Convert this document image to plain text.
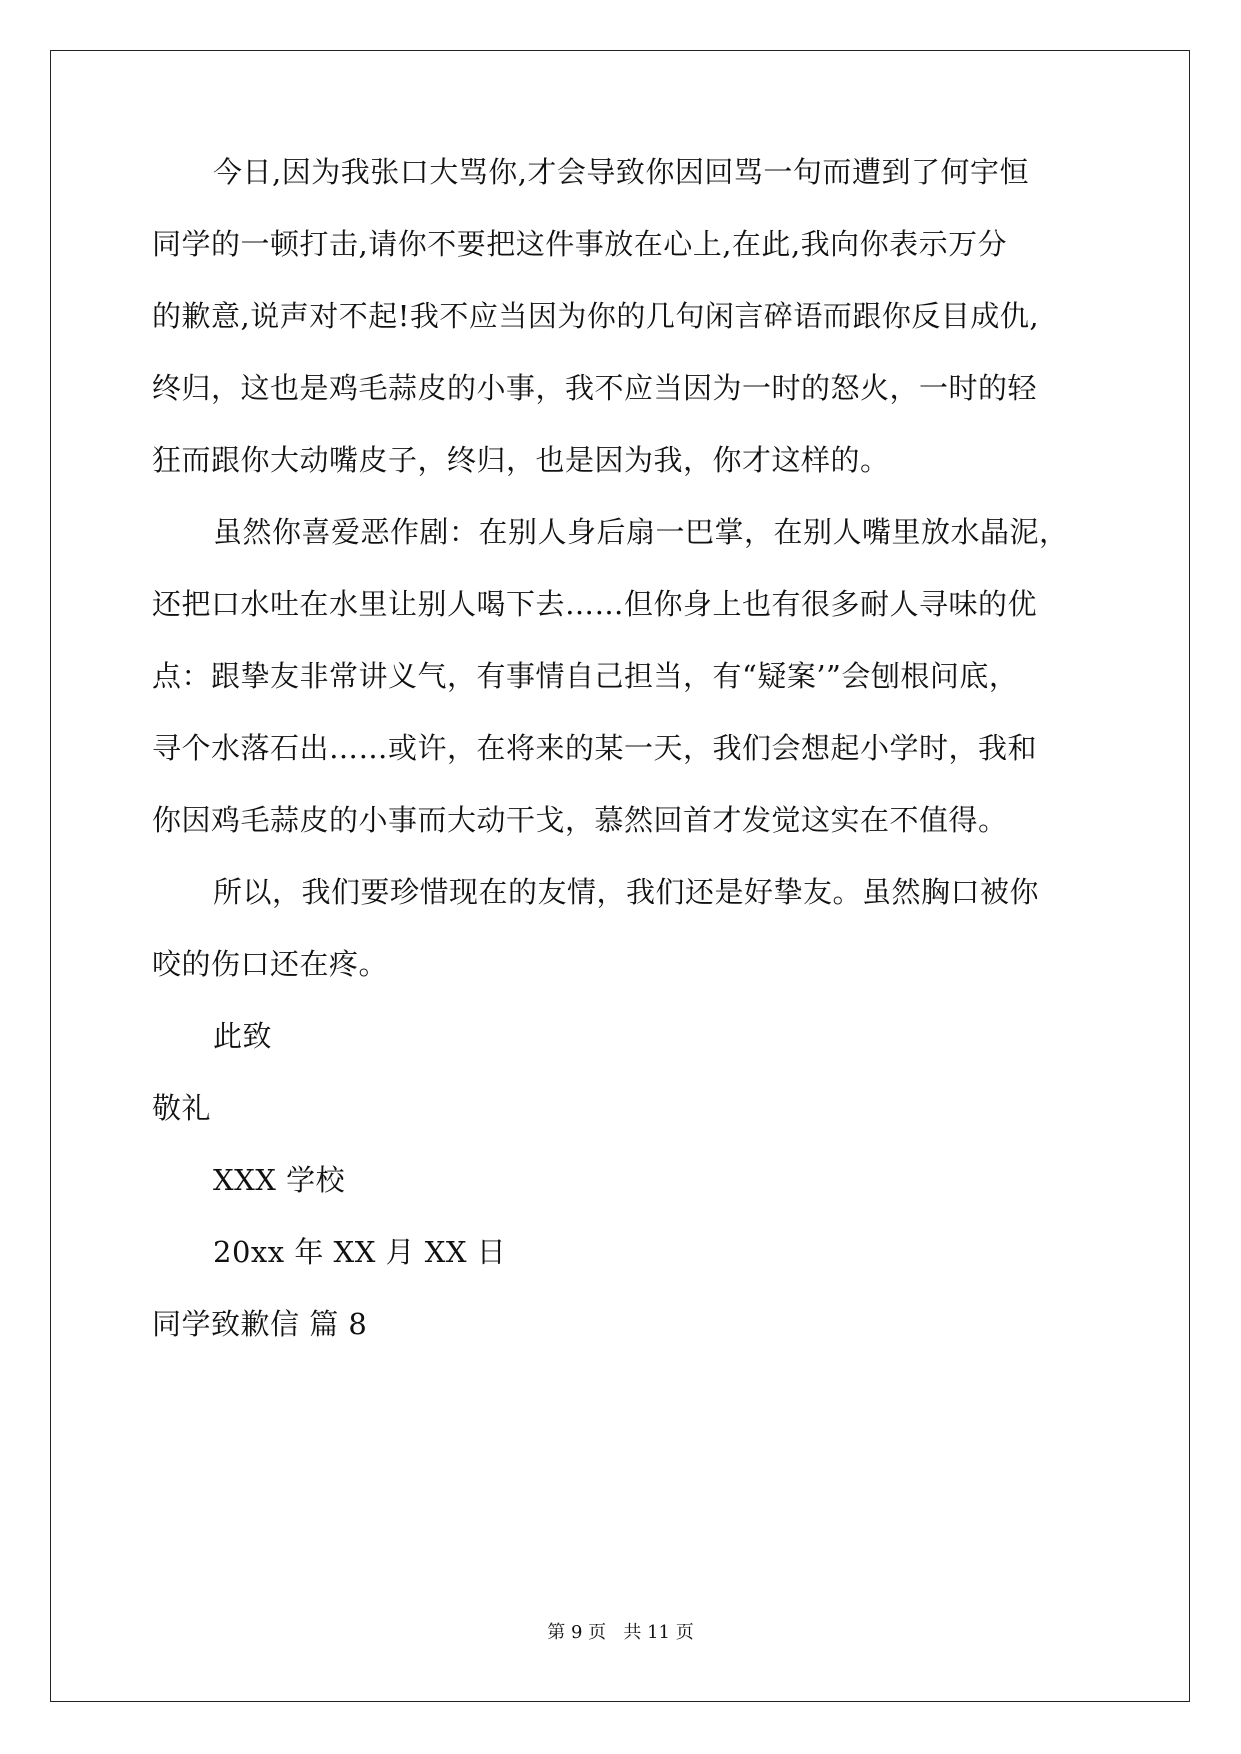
今日,因为我张口大骂你,才会导致你因回骂一句而遭到了何宇恒
同学的一顿打击,请你不要把这件事放在心上,在此,我向你表示万分
的歉意,说声对不起!我不应当因为你的几句闲言碎语而跟你反目成仇,
终归，这也是鸡毛蒜皮的小事，我不应当因为一时的怒火，一时的轻
狂而跟你大动嘴皮子，终归，也是因为我，你才这样的。
虽然你喜爱恶作剧：在别人身后扇一巴掌，在别人嘴里放水晶泥，
还把口水吐在水里让别人喝下去……但你身上也有很多耐人寻味的优
点：跟挚友非常讲义气，有事情自己担当，有“疑案’”会刨根问底，
寻个水落石出……或许，在将来的某一天，我们会想起小学时，我和
你因鸡毛蒜皮的小事而大动干戈，慕然回首才发觉这实在不值得。
所以，我们要珍惜现在的友情，我们还是好挚友。虽然胸口被你
咬的伤口还在疼。
此致
敬礼
XXX 学校
20xx 年 XX 月 XX 日
同学致歉信 篇 8
第 9 页   共 11 页
